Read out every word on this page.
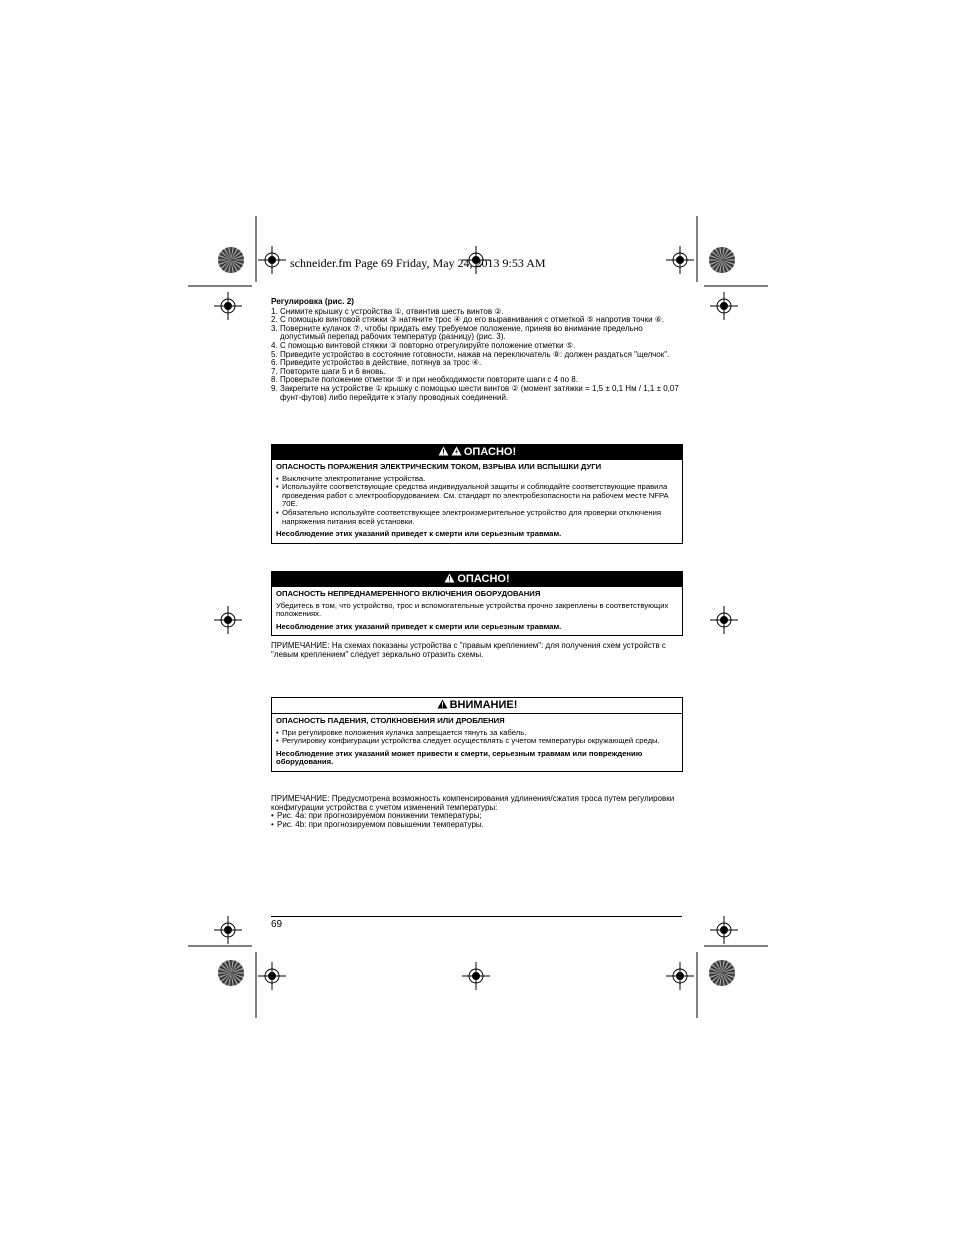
schneider.fm Page 69 Friday, May 24, 2013 9:53 AM
Регулировка (рис. 2)
1. Снимите крышку с устройства ①, отвинтив шесть винтов ②.
2. С помощью винтовой стяжки ③ натяните трос ④ до его выравнивания с отметкой ⑤ напротив точки ⑥.
3. Поверните кулачок ⑦, чтобы придать ему требуемое положение, приняв во внимание предельно допустимый перепад рабочих температур (разницу) (рис. 3).
4. С помощью винтовой стяжки ③ повторно отрегулируйте положение отметки ⑤.
5. Приведите устройство в состояние готовности, нажав на переключатель ⑧: должен раздаться "щелчок".
6. Приведите устройство в действие, потянув за трос ④.
7. Повторите шаги 5 и 6 вновь.
8. Проверьте положение отметки ⑤ и при необходимости повторите шаги с 4 по 8.
9. Закрепите на устройстве ① крышку с помощью шести винтов ② (момент затяжки = 1,5 ± 0,1 Нм / 1,1 ± 0,07 фунт-футов) либо перейдите к этапу проводных соединений.
ОПАСНО!
ОПАСНОСТЬ ПОРАЖЕНИЯ ЭЛЕКТРИЧЕСКИМ ТОКОМ, ВЗРЫВА ИЛИ ВСПЫШКИ ДУГИ
• Выключите электропитание устройства.
• Используйте соответствующие средства индивидуальной защиты и соблюдайте соответствующие правила проведения работ с электрооборудованием. См. стандарт по электробезопасности на рабочем месте NFPA 70E.
• Обязательно используйте соответствующее электроизмерительное устройство для проверки отключения напряжения питания всей установки.
Несоблюдение этих указаний приведет к смерти или серьезным травмам.
ОПАСНО!
ОПАСНОСТЬ НЕПРЕДНАМЕРЕННОГО ВКЛЮЧЕНИЯ ОБОРУДОВАНИЯ
Убедитесь в том, что устройство, трос и вспомогательные устройства прочно закреплены в соответствующих положениях.
Несоблюдение этих указаний приведет к смерти или серьезным травмам.
ПРИМЕЧАНИЕ: На схемах показаны устройства с "правым креплением": для получения схем устройств с "левым креплением" следует зеркально отразить схемы.
ВНИМАНИЕ!
ОПАСНОСТЬ ПАДЕНИЯ, СТОЛКНОВЕНИЯ ИЛИ ДРОБЛЕНИЯ
• При регулировке положения кулачка запрещается тянуть за кабель.
• Регулировку конфигурации устройства следует осуществлять с учетом температуры окружающей среды.
Несоблюдение этих указаний может привести к смерти, серьезным травмам или повреждению оборудования.
ПРИМЕЧАНИЕ: Предусмотрена возможность компенсирования удлинения/сжатия троса путем регулировки конфигурации устройства с учетом изменений температуры:
• Рис. 4a: при прогнозируемом понижении температуры;
• Рис. 4b: при прогнозируемом повышении температуры.
69
